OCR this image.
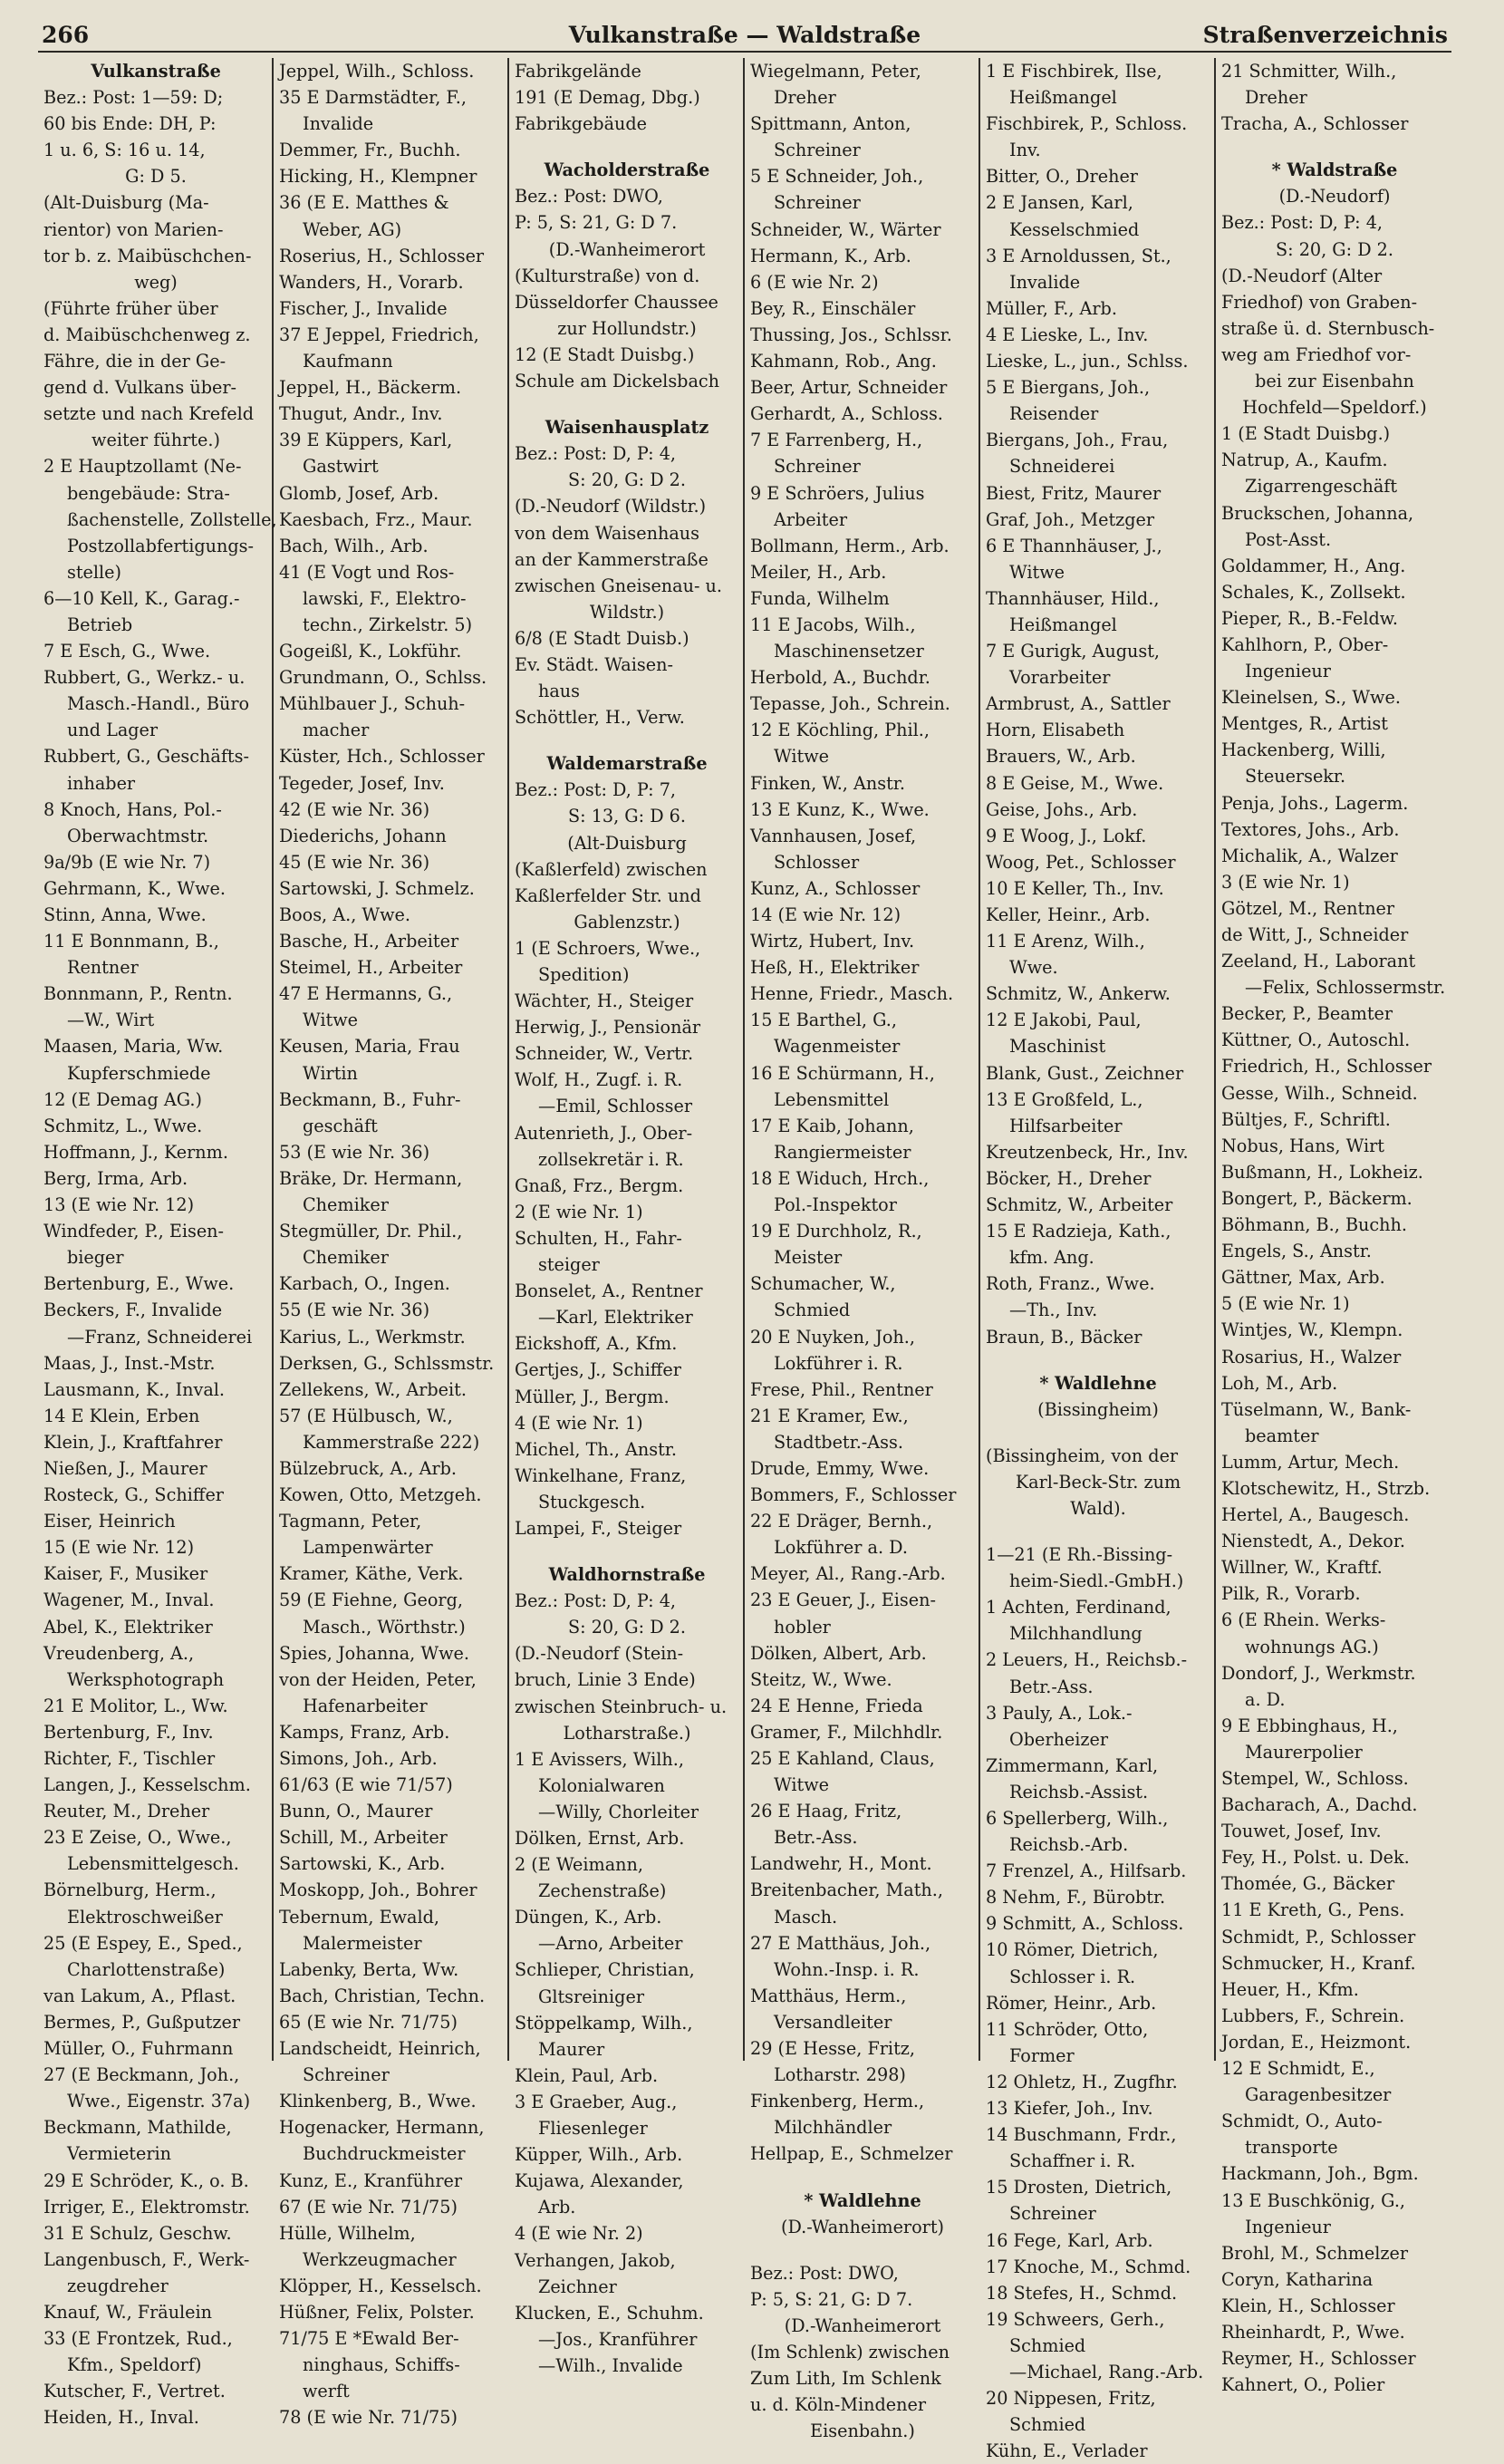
266	Vulkanstraße — Waldstraße	Straßenverzeichnis
Vulkanstraße
Bez.: Post: 1—59: D;
60 bis Ende: DH, P:
1 u. 6, S: 16 u. 14,
G: D 5.
(Alt-Duisburg (Ma-
rientor) von Marien-
tor b. z. Maibüschchen-
weg)
(Führte früher über
d. Maibüschchenweg z.
Fähre, die in der Ge-
gend d. Vulkans über-
setzte und nach Krefeld
weiter führte.)
2 E Hauptzollamt (Ne-
bengebäude: Stra-
ßachenstelle, Zollstelle,
Postzollabfertigungs-
stelle)
6—10 Kell, K., Garag.-
Betrieb
7 E Esch, G., Wwe.
Rubbert, G., Werkz.- u.
Masch.-Handl., Büro
und Lager
Rubbert, G., Geschäfts-
inhaber
8 Knoch, Hans, Pol.-
Oberwachtmstr.
9a/9b (E wie Nr. 7)
Gehrmann, K., Wwe.
Stinn, Anna, Wwe.
11 E Bonnmann, B.,
Rentner
Bonnmann, P., Rentn.
—W., Wirt
Maasen, Maria, Ww.
Kupferschmiede
12 (E Demag AG.)
Schmitz, L., Wwe.
Hoffmann, J., Kernm.
Berg, Irma, Arb.
13 (E wie Nr. 12)
Windfeder, P., Eisen-
bieger
Bertenburg, E., Wwe.
Beckers, F., Invalide
—Franz, Schneiderei
Maas, J., Inst.-Mstr.
Lausmann, K., Inval.
14 E Klein, Erben
Klein, J., Kraftfahrer
Nießen, J., Maurer
Rosteck, G., Schiffer
Eiser, Heinrich
15 (E wie Nr. 12)
Kaiser, F., Musiker
Wagener, M., Inval.
Abel, K., Elektriker
Vreudenberg, A.,
Werksphotograph
21 E Molitor, L., Ww.
Bertenburg, F., Inv.
Richter, F., Tischler
Langen, J., Kesselschm.
Reuter, M., Dreher
23 E Zeise, O., Wwe.,
Lebensmittelgesch.
Börnelburg, Herm.,
Elektroschweißer
25 (E Espey, E., Sped.,
Charlottenstraße)
van Lakum, A., Pflast.
Bermes, P., Gußputzer
Müller, O., Fuhrmann
27 (E Beckmann, Joh.,
Wwe., Eigenstr. 37a)
Beckmann, Mathilde,
Vermieterin
29 E Schröder, K., o. B.
Irriger, E., Elektromstr.
31 E Schulz, Geschw.
Langenbusch, F., Werk-
zeugdreher
Knauf, W., Fräulein
33 (E Frontzek, Rud.,
Kfm., Speldorf)
Kutscher, F., Vertret.
Heiden, H., Inval.
Jeppel, Wilh., Schloss.
35 E Darmstädter, F.,
Invalide
Demmer, Fr., Buchh.
Hicking, H., Klempner
36 (E E. Matthes &
Weber, AG)
Roserius, H., Schlosser
Wanders, H., Vorarb.
Fischer, J., Invalide
37 E Jeppel, Friedrich,
Kaufmann
Jeppel, H., Bäckerm.
Thugut, Andr., Inv.
39 E Küppers, Karl,
Gastwirt
Glomb, Josef, Arb.
Kaesbach, Frz., Maur.
Bach, Wilh., Arb.
41 (E Vogt und Ros-
lawski, F., Elektro-
techn., Zirkelstr. 5)
Gogeißl, K., Lokführ.
Grundmann, O., Schlss.
Mühlbauer J., Schuh-
macher
Küster, Hch., Schlosser
Tegeder, Josef, Inv.
42 (E wie Nr. 36)
Diederichs, Johann
45 (E wie Nr. 36)
Sartowski, J. Schmelz.
Boos, A., Wwe.
Basche, H., Arbeiter
Steimel, H., Arbeiter
47 E Hermanns, G.,
Witwe
Keusen, Maria, Frau
Wirtin
Beckmann, B., Fuhr-
geschäft
53 (E wie Nr. 36)
Bräke, Dr. Hermann,
Chemiker
Stegmüller, Dr. Phil.,
Chemiker
Karbach, O., Ingen.
55 (E wie Nr. 36)
Karius, L., Werkmstr.
Derksen, G., Schlssmstr.
Zellekens, W., Arbeit.
57 (E Hülbusch, W.,
Kammerstraße 222)
Bülzebruck, A., Arb.
Kowen, Otto, Metzgeh.
Tagmann, Peter,
Lampenwärter
Kramer, Käthe, Verk.
59 (E Fiehne, Georg,
Masch., Wörthstr.)
Spies, Johanna, Wwe.
von der Heiden, Peter,
Hafenarbeiter
Kamps, Franz, Arb.
Simons, Joh., Arb.
61/63 (E wie 71/57)
Bunn, O., Maurer
Schill, M., Arbeiter
Sartowski, K., Arb.
Moskopp, Joh., Bohrer
Tebernum, Ewald,
Malermeister
Labenky, Berta, Ww.
Bach, Christian, Techn.
65 (E wie Nr. 71/75)
Landscheidt, Heinrich,
Schreiner
Klinkenberg, B., Wwe.
Hogenacker, Hermann,
Buchdruckmeister
Kunz, E., Kranführer
67 (E wie Nr. 71/75)
Hülle, Wilhelm,
Werkzeugmacher
Klöpper, H., Kesselsch.
Hüßner, Felix, Polster.
71/75 E *Ewald Ber-
ninghaus, Schiffs-
werft
78 (E wie Nr. 71/75)
Fabrikgelände
191 (E Demag, Dbg.)
Fabrikgebäude
Wacholderstraße
Bez.: Post: DWO,
P: 5, S: 21, G: D 7.
(D.-Wanheimerort
(Kulturstraße) von d.
Düsseldorfer Chaussee
zur Hollundstr.)
12 (E Stadt Duisbg.)
Schule am Dickelsbach
Waisenhausplatz
Bez.: Post: D, P: 4,
S: 20, G: D 2.
(D.-Neudorf (Wildstr.)
von dem Waisenhaus
an der Kammerstraße
zwischen Gneisenau- u.
Wildstr.)
6/8 (E Stadt Duisb.)
Ev. Städt. Waisen-
haus
Schöttler, H., Verw.
Waldemarstraße
Bez.: Post: D, P: 7,
S: 13, G: D 6.
(Alt-Duisburg
(Kaßlerfeld) zwischen
Kaßlerfelder Str. und
Gablenzstr.)
1 (E Schroers, Wwe.,
Spedition)
Wächter, H., Steiger
Herwig, J., Pensionär
Schneider, W., Vertr.
Wolf, H., Zugf. i. R.
—Emil, Schlosser
Autenrieth, J., Ober-
zollsekretär i. R.
Gnaß, Frz., Bergm.
2 (E wie Nr. 1)
Schulten, H., Fahr-
steiger
Bonselet, A., Rentner
—Karl, Elektriker
Eickshoff, A., Kfm.
Gertjes, J., Schiffer
Müller, J., Bergm.
4 (E wie Nr. 1)
Michel, Th., Anstr.
Winkelhane, Franz,
Stuckgesch.
Lampei, F., Steiger
Waldhornstraße
Bez.: Post: D, P: 4,
S: 20, G: D 2.
(D.-Neudorf (Stein-
bruch, Linie 3 Ende)
zwischen Steinbruch- u.
Lotharstraße.)
1 E Avissers, Wilh.,
Kolonialwaren
—Willy, Chorleiter
Dölken, Ernst, Arb.
2 (E Weimann,
Zechenstraße)
Düngen, K., Arb.
—Arno, Arbeiter
Schlieper, Christian,
Gltsreiniger
Stöppelkamp, Wilh.,
Maurer
Klein, Paul, Arb.
3 E Graeber, Aug.,
Fliesenleger
Küpper, Wilh., Arb.
Kujawa, Alexander,
Arb.
4 (E wie Nr. 2)
Verhangen, Jakob,
Zeichner
Klucken, E., Schuhm.
—Jos., Kranführer
—Wilh., Invalide
Wiegelmann, Peter,
Dreher
Spittmann, Anton,
Schreiner
5 E Schneider, Joh.,
Schreiner
Schneider, W., Wärter
Hermann, K., Arb.
6 (E wie Nr. 2)
Bey, R., Einschäler
Thussing, Jos., Schlssr.
Kahmann, Rob., Ang.
Beer, Artur, Schneider
Gerhardt, A., Schloss.
7 E Farrenberg, H.,
Schreiner
9 E Schröers, Julius
Arbeiter
Bollmann, Herm., Arb.
Meiler, H., Arb.
Funda, Wilhelm
11 E Jacobs, Wilh.,
Maschinensetzer
Herbold, A., Buchdr.
Tepasse, Joh., Schrein.
12 E Köchling, Phil.,
Witwe
Finken, W., Anstr.
13 E Kunz, K., Wwe.
Vannhausen, Josef,
Schlosser
Kunz, A., Schlosser
14 (E wie Nr. 12)
Wirtz, Hubert, Inv.
Heß, H., Elektriker
Henne, Friedr., Masch.
15 E Barthel, G.,
Wagenmeister
16 E Schürmann, H.,
Lebensmittel
17 E Kaib, Johann,
Rangiermeister
18 E Widuch, Hrch.,
Pol.-Inspektor
19 E Durchholz, R.,
Meister
Schumacher, W.,
Schmied
20 E Nuyken, Joh.,
Lokführer i. R.
Frese, Phil., Rentner
21 E Kramer, Ew.,
Stadtbetr.-Ass.
Drude, Emmy, Wwe.
Bommers, F., Schlosser
22 E Dräger, Bernh.,
Lokführer a. D.
Meyer, Al., Rang.-Arb.
23 E Geuer, J., Eisen-
hobler
Dölken, Albert, Arb.
Steitz, W., Wwe.
24 E Henne, Frieda
Gramer, F., Milchhdlr.
25 E Kahland, Claus,
Witwe
26 E Haag, Fritz,
Betr.-Ass.
Landwehr, H., Mont.
Breitenbacher, Math.,
Masch.
27 E Matthäus, Joh.,
Wohn.-Insp. i. R.
Matthäus, Herm.,
Versandleiter
29 (E Hesse, Fritz,
Lotharstr. 298)
Finkenberg, Herm.,
Milchhändler
Hellpap, E., Schmelzer
* Waldlehne
(D.-Wanheimerort)
Bez.: Post: DWO,
P: 5, S: 21, G: D 7.
(D.-Wanheimerort
(Im Schlenk) zwischen
Zum Lith, Im Schlenk
u. d. Köln-Mindener
Eisenbahn.)
1 E Fischbirek, Ilse,
Heißmangel
Fischbirek, P., Schloss.
Inv.
Bitter, O., Dreher
2 E Jansen, Karl,
Kesselschmied
3 E Arnoldussen, St.,
Invalide
Müller, F., Arb.
4 E Lieske, L., Inv.
Lieske, L., jun., Schlss.
5 E Biergans, Joh.,
Reisender
Biergans, Joh., Frau,
Schneiderei
Biest, Fritz, Maurer
Graf, Joh., Metzger
6 E Thannhäuser, J.,
Witwe
Thannhäuser, Hild.,
Heißmangel
7 E Gurigk, August,
Vorarbeiter
Armbrust, A., Sattler
Horn, Elisabeth
Brauers, W., Arb.
8 E Geise, M., Wwe.
Geise, Johs., Arb.
9 E Woog, J., Lokf.
Woog, Pet., Schlosser
10 E Keller, Th., Inv.
Keller, Heinr., Arb.
11 E Arenz, Wilh.,
Wwe.
Schmitz, W., Ankerw.
12 E Jakobi, Paul,
Maschinist
Blank, Gust., Zeichner
13 E Großfeld, L.,
Hilfsarbeiter
Kreutzenbeck, Hr., Inv.
Böcker, H., Dreher
Schmitz, W., Arbeiter
15 E Radzieja, Kath.,
kfm. Ang.
Roth, Franz., Wwe.
—Th., Inv.
Braun, B., Bäcker
* Waldlehne
(Bissingheim)
(Bissingheim, von der
Karl-Beck-Str. zum
Wald).
1—21 (E Rh.-Bissing-
heim-Siedl.-GmbH.)
1 Achten, Ferdinand,
Milchhandlung
2 Leuers, H., Reichsb.-
Betr.-Ass.
3 Pauly, A., Lok.-
Oberheizer
Zimmermann, Karl,
Reichsb.-Assist.
6 Spellerberg, Wilh.,
Reichsb.-Arb.
7 Frenzel, A., Hilfsarb.
8 Nehm, F., Bürobtr.
9 Schmitt, A., Schloss.
10 Römer, Dietrich,
Schlosser i. R.
Römer, Heinr., Arb.
11 Schröder, Otto,
Former
12 Ohletz, H., Zugfhr.
13 Kiefer, Joh., Inv.
14 Buschmann, Frdr.,
Schaffner i. R.
15 Drosten, Dietrich,
Schreiner
16 Fege, Karl, Arb.
17 Knoche, M., Schmd.
18 Stefes, H., Schmd.
19 Schweers, Gerh.,
Schmied
—Michael, Rang.-Arb.
20 Nippesen, Fritz,
Schmied
Kühn, E., Verlader
21 Schmitter, Wilh.,
Dreher
Tracha, A., Schlosser
* Waldstraße
(D.-Neudorf)
Bez.: Post: D, P: 4,
S: 20, G: D 2.
(D.-Neudorf (Alter
Friedhof) von Graben-
straße ü. d. Sternbusch-
weg am Friedhof vor-
bei zur Eisenbahn
Hochfeld—Speldorf.)
1 (E Stadt Duisbg.)
Natrup, A., Kaufm.
Zigarrengeschäft
Bruckschen, Johanna,
Post-Asst.
Goldammer, H., Ang.
Schales, K., Zollsekt.
Pieper, R., B.-Feldw.
Kahlhorn, P., Ober-
Ingenieur
Kleinelsen, S., Wwe.
Mentges, R., Artist
Hackenberg, Willi,
Steuersekr.
Penja, Johs., Lagerm.
Textores, Johs., Arb.
Michalik, A., Walzer
3 (E wie Nr. 1)
Götzel, M., Rentner
de Witt, J., Schneider
Zeeland, H., Laborant
—Felix, Schlossermstr.
Becker, P., Beamter
Küttner, O., Autoschl.
Friedrich, H., Schlosser
Gesse, Wilh., Schneid.
Bültjes, F., Schriftl.
Nobus, Hans, Wirt
Bußmann, H., Lokheiz.
Bongert, P., Bäckerm.
Böhmann, B., Buchh.
Engels, S., Anstr.
Gättner, Max, Arb.
5 (E wie Nr. 1)
Wintjes, W., Klempn.
Rosarius, H., Walzer
Loh, M., Arb.
Tüselmann, W., Bank-
beamter
Lumm, Artur, Mech.
Klotschewitz, H., Strzb.
Hertel, A., Baugesch.
Nienstedt, A., Dekor.
Willner, W., Kraftf.
Pilk, R., Vorarb.
6 (E Rhein. Werks-
wohnungs AG.)
Dondorf, J., Werkmstr.
a. D.
9 E Ebbinghaus, H.,
Maurerpolier
Stempel, W., Schloss.
Bacharach, A., Dachd.
Touwet, Josef, Inv.
Fey, H., Polst. u. Dek.
Thomée, G., Bäcker
11 E Kreth, G., Pens.
Schmidt, P., Schlosser
Schmucker, H., Kranf.
Heuer, H., Kfm.
Lubbers, F., Schrein.
Jordan, E., Heizmont.
12 E Schmidt, E.,
Garagenbesitzer
Schmidt, O., Auto-
transporte
Hackmann, Joh., Bgm.
13 E Buschkönig, G.,
Ingenieur
Brohl, M., Schmelzer
Coryn, Katharina
Klein, H., Schlosser
Rheinhardt, P., Wwe.
Reymer, H., Schlosser
Kahnert, O., Polier
